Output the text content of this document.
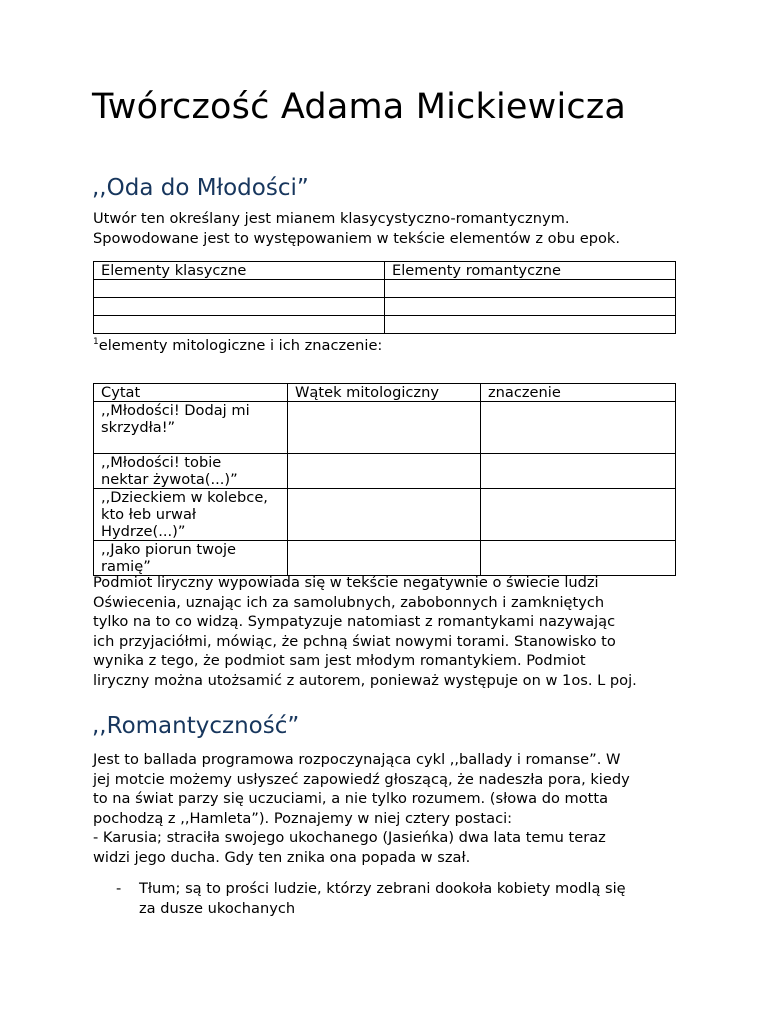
Twórczość Adama Mickiewicza
,,Oda do Młodości”

Utwór ten określany jest mianem klasycystyczno-romantycznym.
Spowodowane jest to występowaniem w tekście elementów z obu epok.

Elementy klasyczne	Elementy romantyczne

$^1$elementy mitologiczne i ich znaczenie:

Cytat	Wątek mitologiczny	znaczenie

,,Młodości! Dodaj mi
skrzydła!”		

,,Młodości! tobie
nektar żywota(...)”		

,,Dzieckiem w kolebce,
kto łeb urwał
Hydrze(...)”		

,,Jako piorun twoje
ramię”		

Podmiot liryczny wypowiada się w tekście negatywnie o świecie ludzi
Oświecenia, uznając ich za samolubnych, zabobonnych i zamkniętych
tylko na to co widzą. Sympatyzuje natomiast z romantykami nazywając
ich przyjaciółmi, mówiąc, że pchną świat nowymi torami. Stanowisko to
wynika z tego, że podmiot sam jest młodym romantykiem. Podmiot
liryczny można utożsamić z autorem, ponieważ występuje on w 1os. L poj.

,,Romantyczność”

Jest to ballada programowa rozpoczynająca cykl ,,ballady i romanse”. W
jej motcie możemy usłyszeć zapowiedź głoszącą, że nadeszła pora, kiedy
to na świat parzy się uczuciami, a nie tylko rozumem. (słowa do motta
pochodzą z ,,Hamleta”). Poznajemy w niej cztery postaci:
- Karusia; straciła swojego ukochanego (Jasieńka) dwa lata temu teraz
widzi jego ducha. Gdy ten znika ona popada w szał.

- Tłum; są to prości ludzie, którzy zebrani dookoła kobiety modlą się
za dusze ukochanych
